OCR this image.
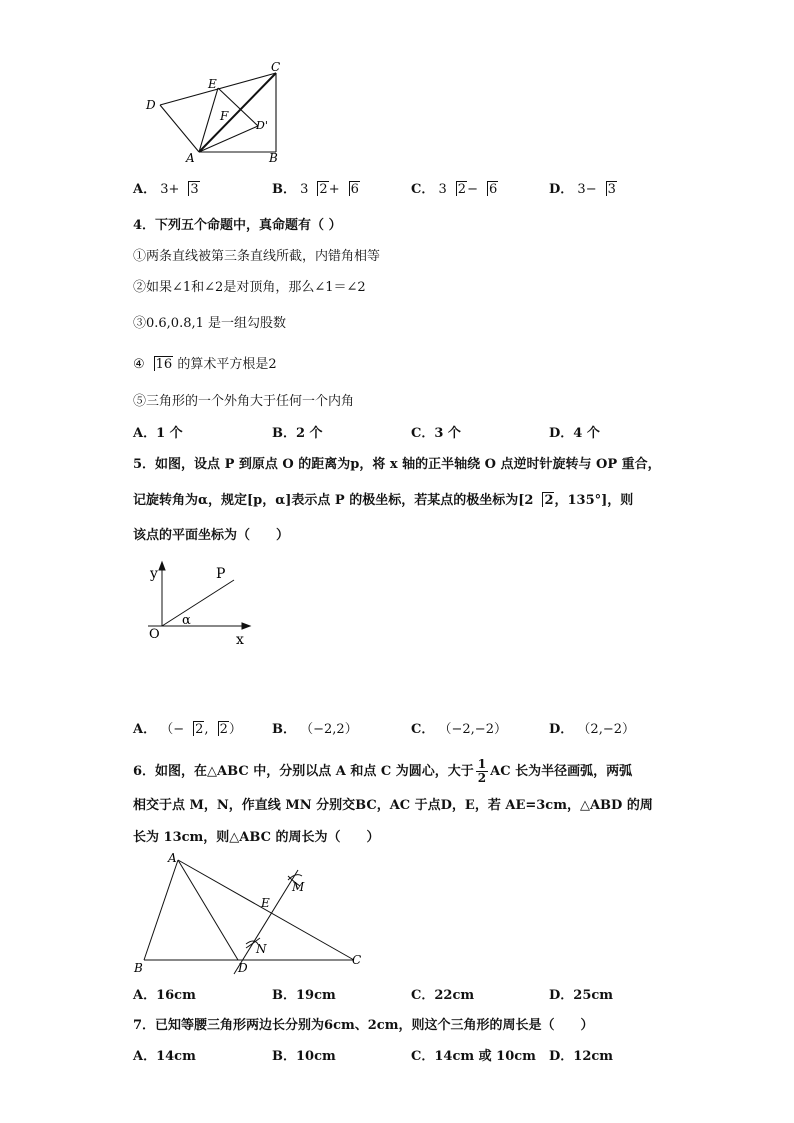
C
E
D
F
D'
A	B
A． 3+ 3	B． 3 2+ 6	C． 3 2− 6	D． 3− 3
4．下列五个命题中，真命题有（ ）
①两条直线被第三条直线所截，内错角相等
②如果∠1和∠2是对顶角，那么∠1＝∠2
③0.6,0.8,1 是一组勾股数
④ 16 的算术平方根是2
⑤三角形的一个外角大于任何一个内角
A．1 个	B．2 个	C．3 个	D．4 个
5．如图，设点 P 到原点 O 的距离为p，将 x 轴的正半轴绕 O 点逆时针旋转与 OP 重合，
记旋转角为α，规定[p，α]表示点 P 的极坐标，若某点的极坐标为[2 2，135°]，则
该点的平面坐标为（　　）
y	P
α
O	x
A． （− 2, 2） B． （−2,2）	C． （−2,−2）	D． （2,−2）
6．如图，在△ABC 中，分别以点 A 和点 C 为圆心，大于 $\frac{1}{2}$ AC 长为半径画弧，两弧
相交于点 M，N，作直线 MN 分别交BC，AC 于点D，E，若 AE=3cm，△ABD 的周
长为 13cm，则△ABC 的周长为（　　）
A
M
E
N
B	D
C
A．16cm	B．19cm	C．22cm	D．25cm
7．已知等腰三角形两边长分别为6cm、2cm，则这个三角形的周长是（　　）
A．14cm	B．10cm	C．14cm 或 10cm D．12cm
